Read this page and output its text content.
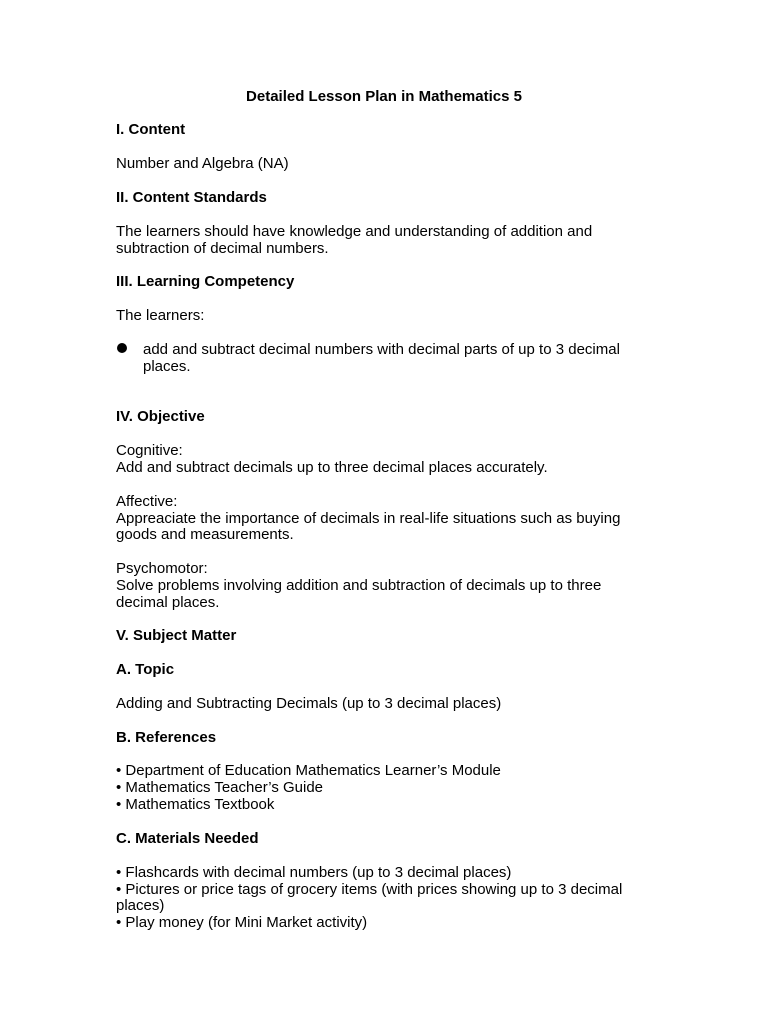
Detailed Lesson Plan in Mathematics 5
I. Content
Number and Algebra (NA)
II. Content Standards
The learners should have knowledge and understanding of addition and
subtraction of decimal numbers.
III. Learning Competency
The learners:
add and subtract decimal numbers with decimal parts of up to 3 decimal
places.
IV. Objective
Cognitive:
Add and subtract decimals up to three decimal places accurately.
Affective:
Appreaciate the importance of decimals in real-life situations such as buying
goods and measurements.
Psychomotor:
Solve problems involving addition and subtraction of decimals up to three
decimal places.
V. Subject Matter
A. Topic
Adding and Subtracting Decimals (up to 3 decimal places)
B. References
• Department of Education Mathematics Learner’s Module
• Mathematics Teacher’s Guide
• Mathematics Textbook
C. Materials Needed
• Flashcards with decimal numbers (up to 3 decimal places)
• Pictures or price tags of grocery items (with prices showing up to 3 decimal
places)
• Play money (for Mini Market activity)
